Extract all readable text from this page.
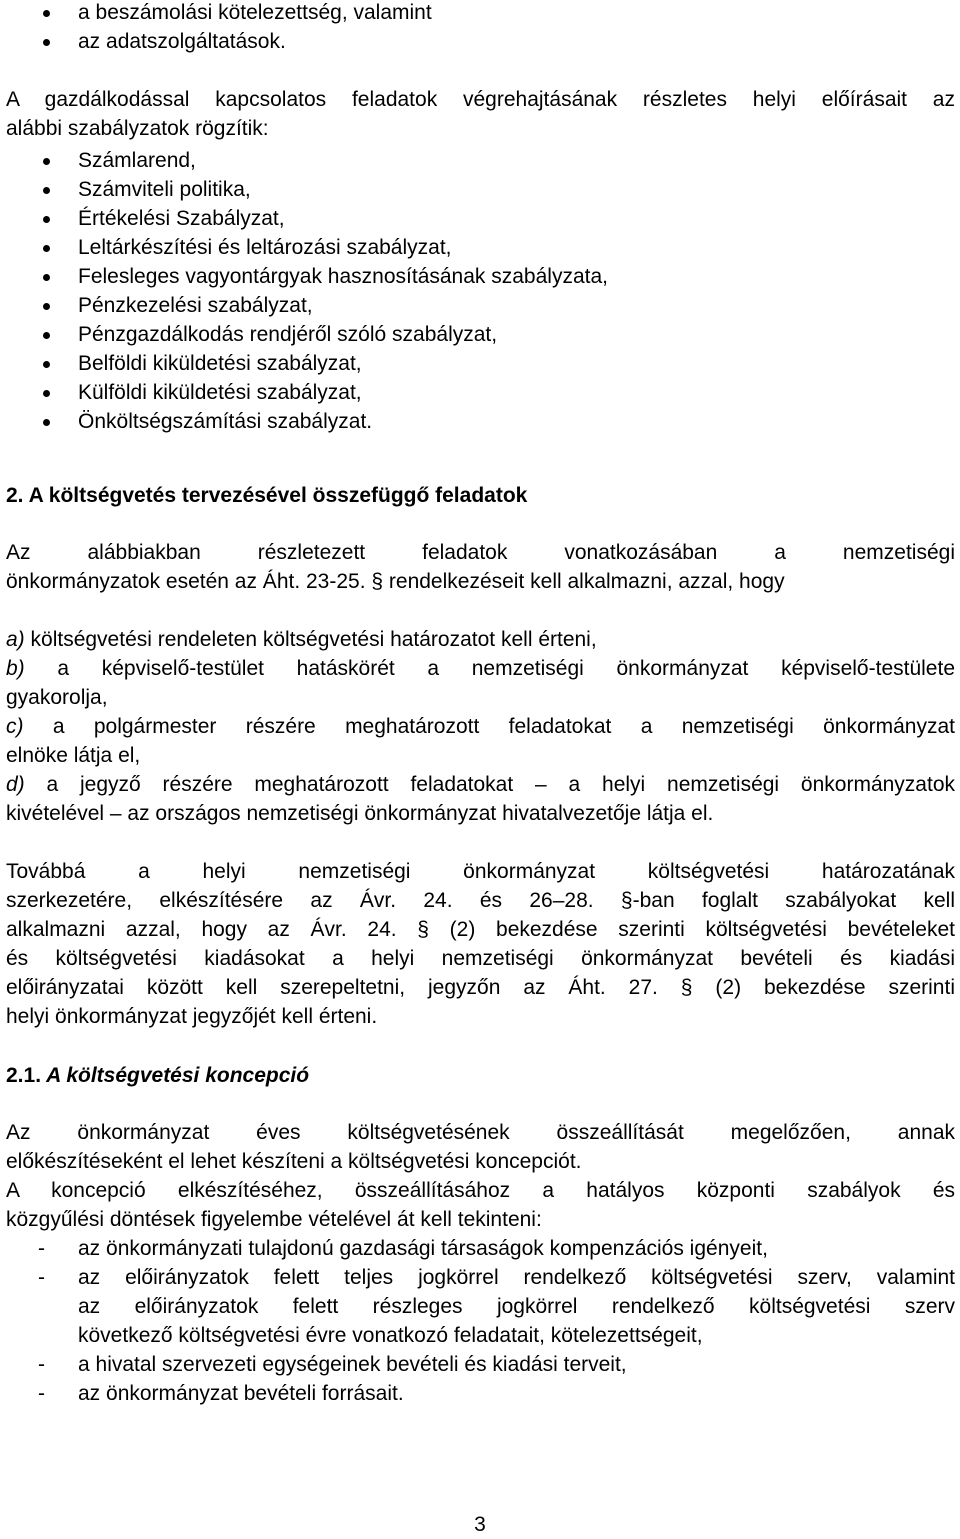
a beszámolási kötelezettség, valamint
az adatszolgáltatások.
A gazdálkodással kapcsolatos feladatok végrehajtásának részletes helyi előírásait az
alábbi szabályzatok rögzítik:
Számlarend,
Számviteli politika,
Értékelési Szabályzat,
Leltárkészítési és leltározási szabályzat,
Felesleges vagyontárgyak hasznosításának szabályzata,
Pénzkezelési szabályzat,
Pénzgazdálkodás rendjéről szóló szabályzat,
Belföldi kiküldetési szabályzat,
Külföldi kiküldetési szabályzat,
Önköltségszámítási szabályzat.
2. A költségvetés tervezésével összefüggő feladatok
Az alábbiakban részletezett feladatok vonatkozásában a nemzetiségi
önkormányzatok esetén az Áht. 23-25. § rendelkezéseit kell alkalmazni, azzal, hogy
a) költségvetési rendeleten költségvetési határozatot kell érteni,
b) a képviselő-testület hatáskörét a nemzetiségi önkormányzat képviselő-testülete
gyakorolja,
c) a polgármester részére meghatározott feladatokat a nemzetiségi önkormányzat
elnöke látja el,
d) a jegyző részére meghatározott feladatokat – a helyi nemzetiségi önkormányzatok
kivételével – az országos nemzetiségi önkormányzat hivatalvezetője látja el.
Továbbá a helyi nemzetiségi önkormányzat költségvetési határozatának
szerkezetére, elkészítésére az Ávr. 24. és 26–28. §-ban foglalt szabályokat kell
alkalmazni azzal, hogy az Ávr. 24. § (2) bekezdése szerinti költségvetési bevételeket
és költségvetési kiadásokat a helyi nemzetiségi önkormányzat bevételi és kiadási
előirányzatai között kell szerepeltetni, jegyzőn az Áht. 27. § (2) bekezdése szerinti
helyi önkormányzat jegyzőjét kell érteni.
2.1. A költségvetési koncepció
Az önkormányzat éves költségvetésének összeállítását megelőzően, annak
előkészítéseként el lehet készíteni a költségvetési koncepciót.
A koncepció elkészítéséhez, összeállításához a hatályos központi szabályok és
közgyűlési döntések figyelembe vételével át kell tekinteni:
- az önkormányzati tulajdonú gazdasági társaságok kompenzációs igényeit,
- az előirányzatok felett teljes jogkörrel rendelkező költségvetési szerv, valamint
az előirányzatok felett részleges jogkörrel rendelkező költségvetési szerv
következő költségvetési évre vonatkozó feladatait, kötelezettségeit,
- a hivatal szervezeti egységeinek bevételi és kiadási terveit,
- az önkormányzat bevételi forrásait.
3
